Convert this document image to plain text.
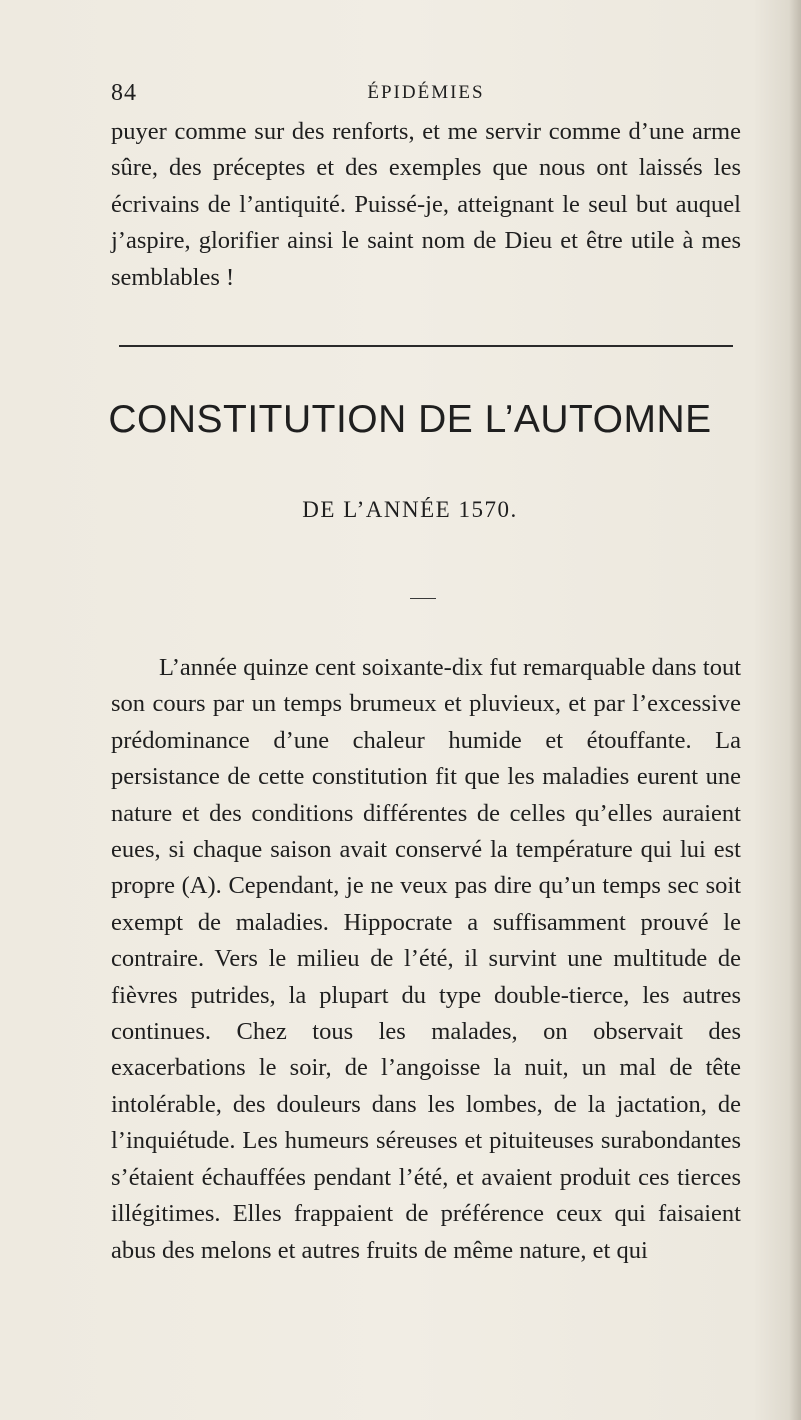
84	ÉPIDÉMIES

puyer comme sur des renforts, et me servir comme d’une arme sûre, des préceptes et des exemples que nous ont laissés les écrivains de l’antiquité. Puissé-je, atteignant le seul but auquel j’aspire, glorifier ainsi le saint nom de Dieu et être utile à mes semblables !

CONSTITUTION DE L’AUTOMNE
DE L’ANNÉE 1570.

L’année quinze cent soixante-dix fut remarquable dans tout son cours par un temps brumeux et pluvieux, et par l’excessive prédominance d’une chaleur humide et étouffante. La persistance de cette constitution fit que les maladies eurent une nature et des conditions différentes de celles qu’elles auraient eues, si chaque saison avait conservé la température qui lui est propre (A). Cependant, je ne veux pas dire qu’un temps sec soit exempt de maladies. Hippocrate a suffisamment prouvé le contraire. Vers le milieu de l’été, il survint une multitude de fièvres putrides, la plupart du type double-tierce, les autres continues. Chez tous les malades, on observait des exacerbations le soir, de l’angoisse la nuit, un mal de tête intolérable, des douleurs dans les lombes, de la jactation, de l’inquiétude. Les humeurs séreuses et pituiteuses surabondantes s’étaient échauffées pendant l’été, et avaient produit ces tierces illégitimes. Elles frappaient de préférence ceux qui faisaient abus des melons et autres fruits de même nature, et qui
